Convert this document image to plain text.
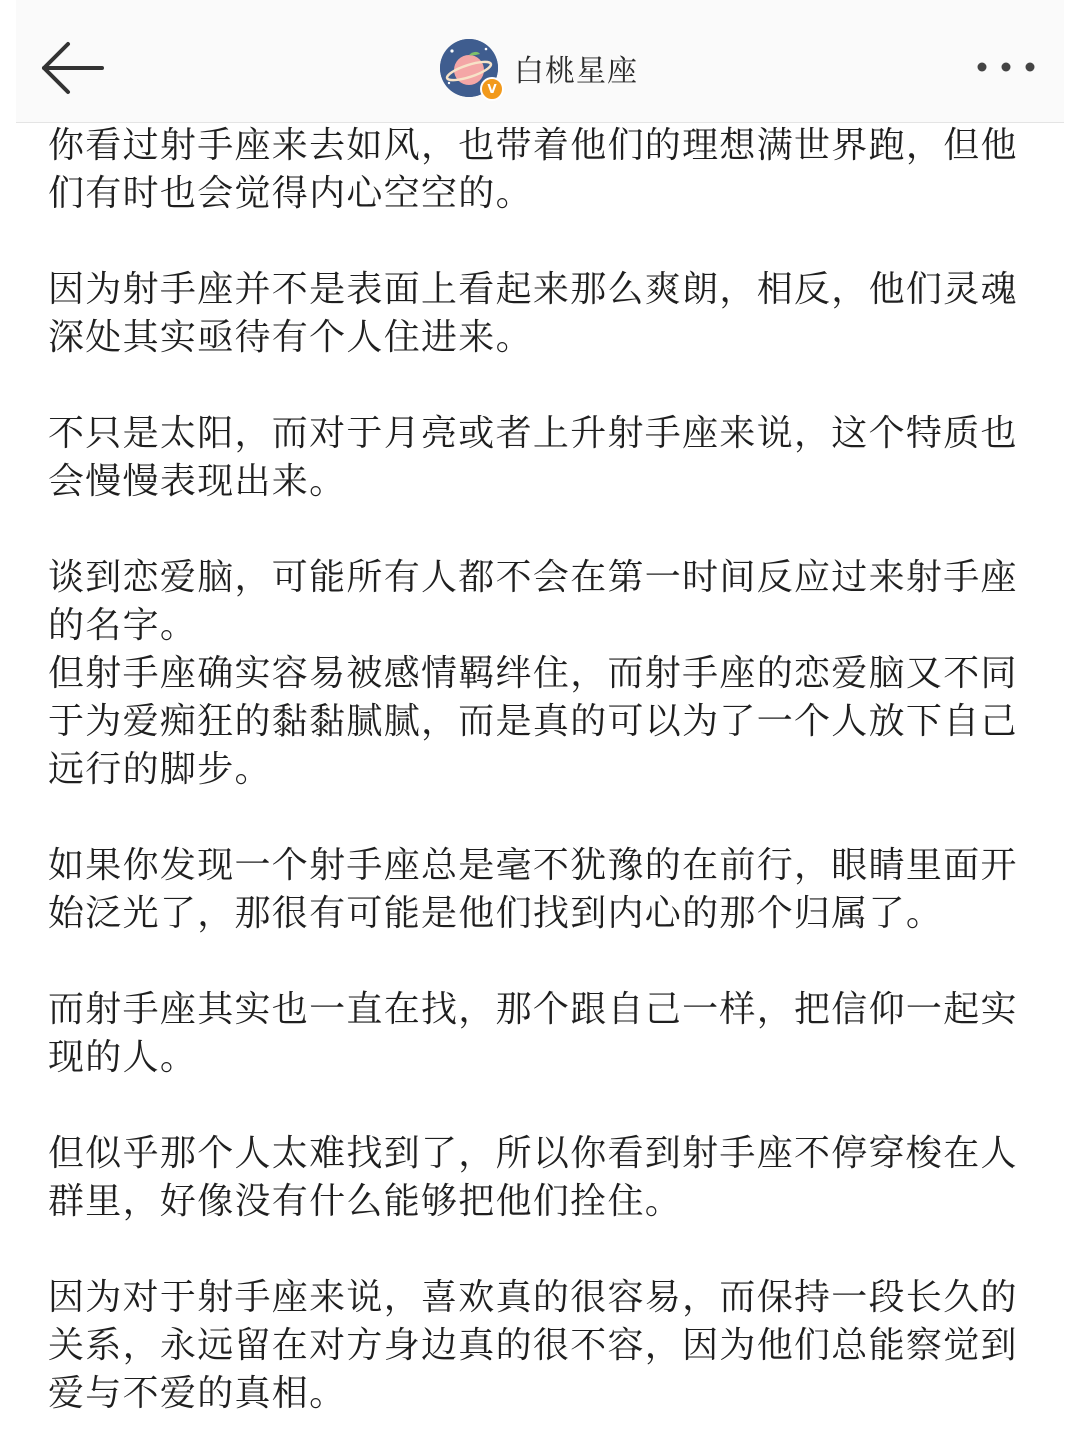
V 白桃星座

你看过射手座来去如风，也带着他们的理想满世界跑，但他们有时也会觉得内心空空的。

因为射手座并不是表面上看起来那么爽朗，相反，他们灵魂深处其实亟待有个人住进来。

不只是太阳，而对于月亮或者上升射手座来说，这个特质也会慢慢表现出来。

谈到恋爱脑，可能所有人都不会在第一时间反应过来射手座的名字。

但射手座确实容易被感情羁绊住，而射手座的恋爱脑又不同于为爱痴狂的黏黏腻腻，而是真的可以为了一个人放下自己远行的脚步。

如果你发现一个射手座总是毫不犹豫的在前行，眼睛里面开始泛光了，那很有可能是他们找到内心的那个归属了。

而射手座其实也一直在找，那个跟自己一样，把信仰一起实现的人。

但似乎那个人太难找到了，所以你看到射手座不停穿梭在人群里，好像没有什么能够把他们拴住。

因为对于射手座来说，喜欢真的很容易，而保持一段长久的关系，永远留在对方身边真的很不容，因为他们总能察觉到爱与不爱的真相。
